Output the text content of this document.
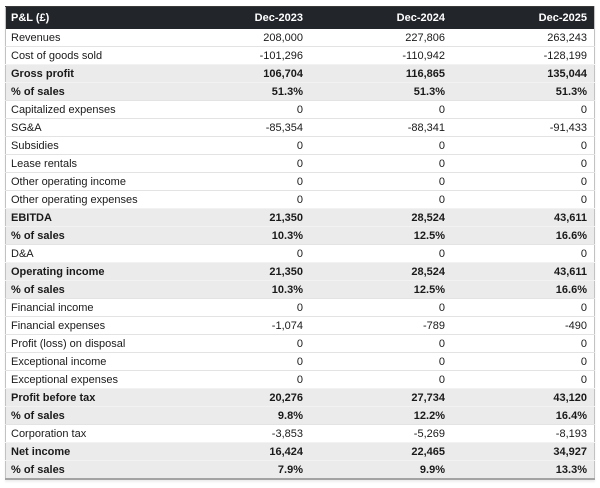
P&L (£)	Dec-2023	Dec-2024	Dec-2025
Revenues	208,000	227,806	263,243
Cost of goods sold	-101,296	-110,942	-128,199
Gross profit	106,704	116,865	135,044
% of sales	51.3%	51.3%	51.3%
Capitalized expenses	0	0	0
SG&A	-85,354	-88,341	-91,433
Subsidies	0	0	0
Lease rentals	0	0	0
Other operating income	0	0	0
Other operating expenses	0	0	0
EBITDA	21,350	28,524	43,611
% of sales	10.3%	12.5%	16.6%
D&A	0	0	0
Operating income	21,350	28,524	43,611
% of sales	10.3%	12.5%	16.6%
Financial income	0	0	0
Financial expenses	-1,074	-789	-490
Profit (loss) on disposal	0	0	0
Exceptional income	0	0	0
Exceptional expenses	0	0	0
Profit before tax	20,276	27,734	43,120
% of sales	9.8%	12.2%	16.4%
Corporation tax	-3,853	-5,269	-8,193
Net income	16,424	22,465	34,927
% of sales	7.9%	9.9%	13.3%
